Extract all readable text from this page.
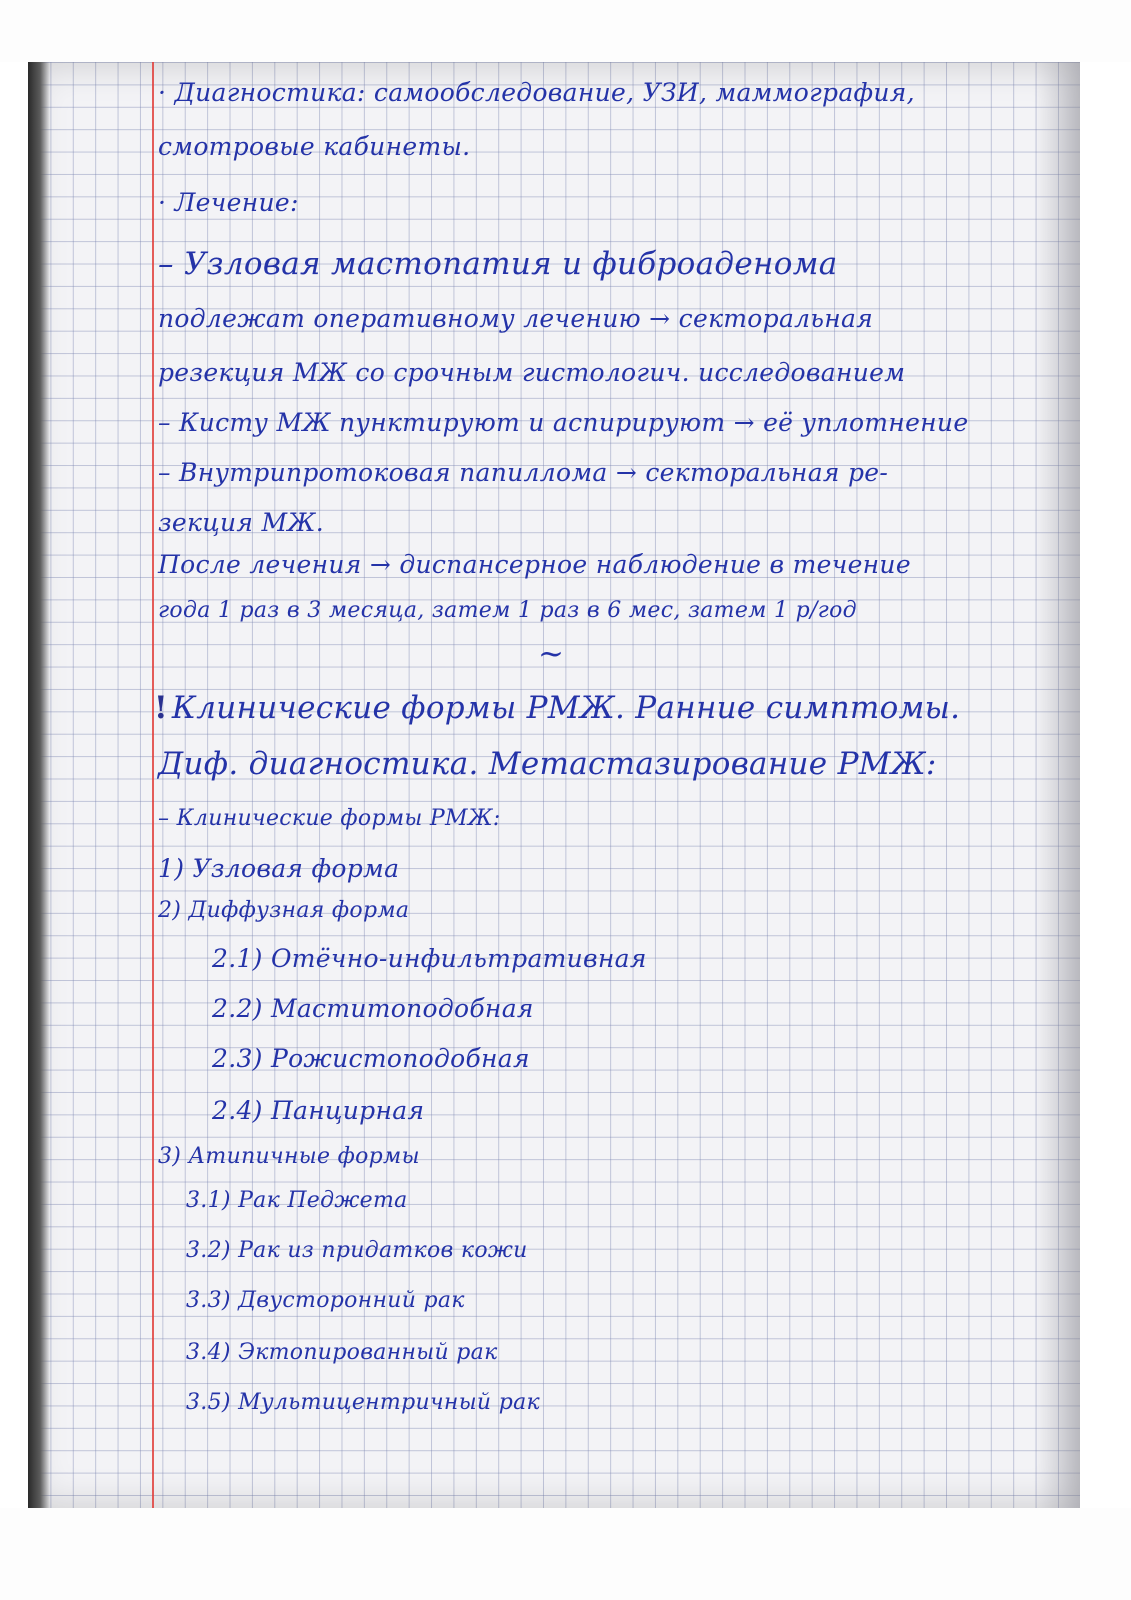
· Диагностика: самообследование, УЗИ, маммография,
смотровые кабинеты.
· Лечение:
– Узловая мастопатия и фиброаденома
подлежат оперативному лечению → секторальная
резекция МЖ со срочным гистологич. исследованием
– Кисту МЖ пунктируют и аспирируют → её уплотнение
– Внутрипротоковая папиллома → секторальная ре-
зекция МЖ.
После лечения → диспансерное наблюдение в течение
года 1 раз в 3 месяца, затем 1 раз в 6 мес, затем 1 р/год
~
! Клинические формы РМЖ. Ранние симптомы.
Диф. диагностика. Метастазирование РМЖ:
– Клинические формы РМЖ:
1) Узловая форма
2) Диффузная форма
2.1) Отёчно-инфильтративная
2.2) Маститоподобная
2.3) Рожистоподобная
2.4) Панцирная
3) Атипичные формы
3.1) Рак Педжета
3.2) Рак из придатков кожи
3.3) Двусторонний рак
3.4) Эктопированный рак
3.5) Мультицентричный рак
